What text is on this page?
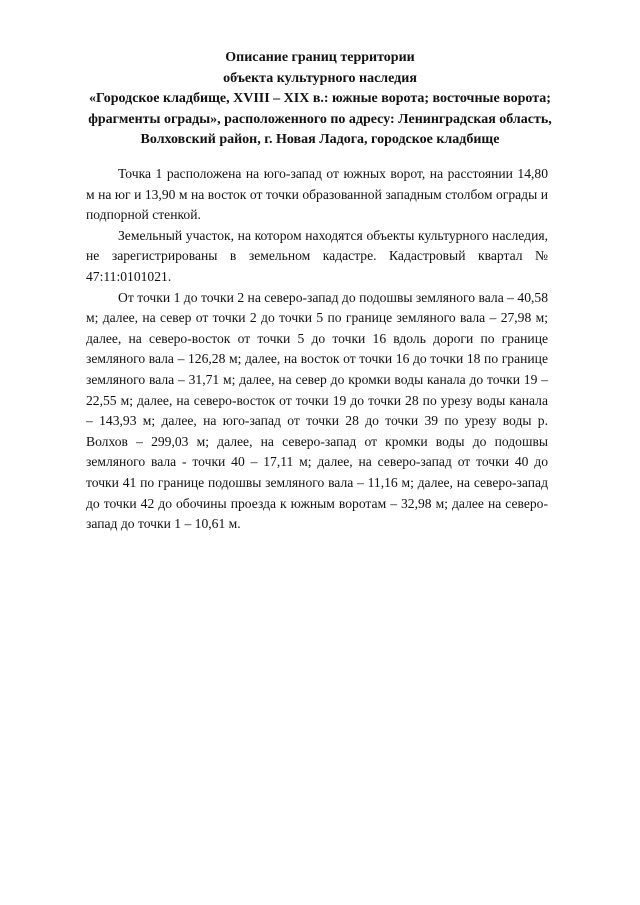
Описание границ территории
объекта культурного наследия
«Городское кладбище, XVIII – XIX в.: южные ворота; восточные ворота;
фрагменты ограды», расположенного по адресу: Ленинградская область,
Волховский район, г. Новая Ладога, городское кладбище

Точка 1 расположена на юго-запад от южных ворот, на расстоянии 14,80 м на юг и 13,90 м на восток от точки образованной западным столбом ограды и подпорной стенкой.

Земельный участок, на котором находятся объекты культурного наследия, не зарегистрированы в земельном кадастре. Кадастровый квартал № 47:11:0101021.

От точки 1 до точки 2 на северо-запад до подошвы земляного вала – 40,58 м; далее, на север от точки 2 до точки 5 по границе земляного вала – 27,98 м; далее, на северо-восток от точки 5 до точки 16 вдоль дороги по границе земляного вала – 126,28 м; далее, на восток от точки 16 до точки 18 по границе земляного вала – 31,71 м; далее, на север до кромки воды канала до точки 19 – 22,55 м; далее, на северо-восток от точки 19 до точки 28 по урезу воды канала – 143,93 м; далее, на юго-запад от точки 28 до точки 39 по урезу воды р. Волхов – 299,03 м; далее, на северо-запад от кромки воды до подошвы земляного вала - точки 40 – 17,11 м; далее, на северо-запад от точки 40 до точки 41 по границе подошвы земляного вала – 11,16 м; далее, на северо-запад до точки 42 до обочины проезда к южным воротам – 32,98 м; далее на северо-запад до точки 1 – 10,61 м.
